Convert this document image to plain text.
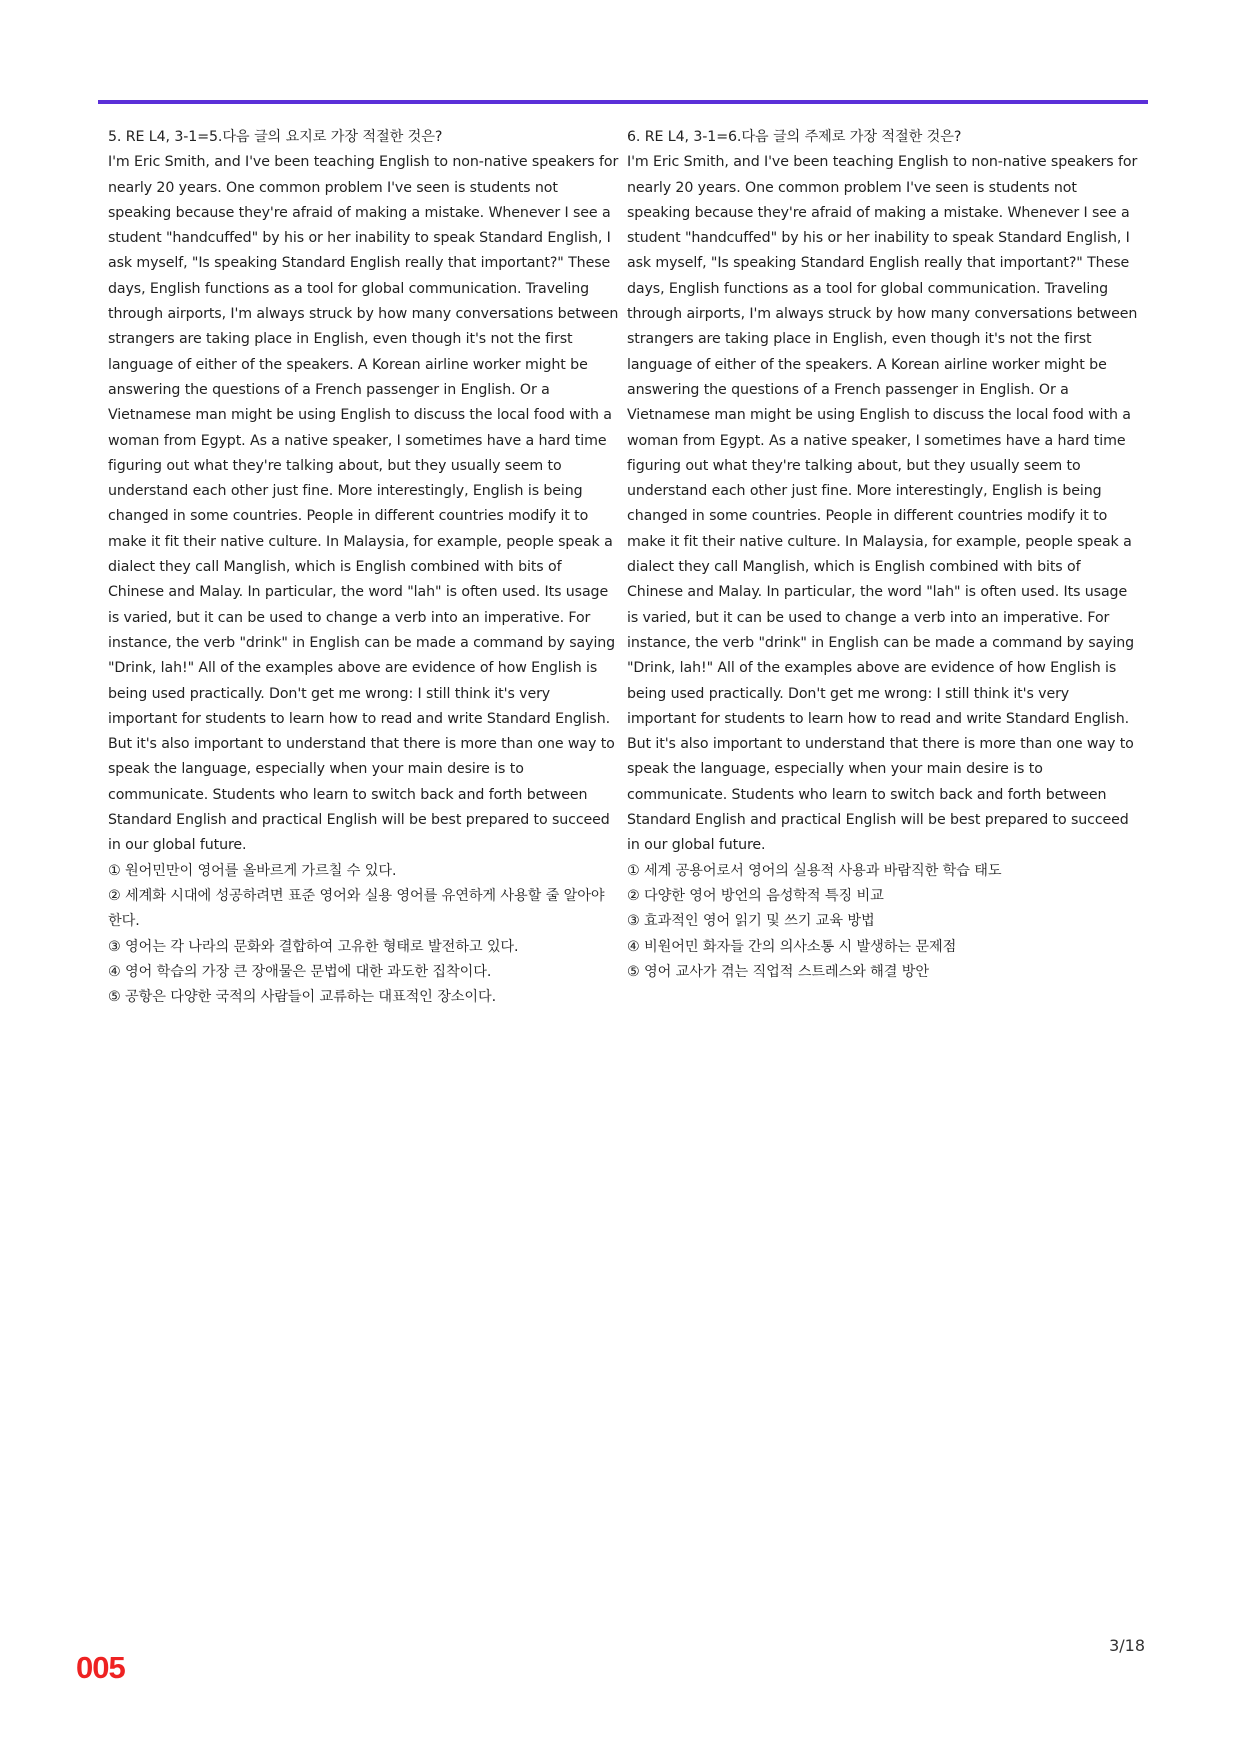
5. RE L4, 3-1=5.다음 글의 요지로 가장 적절한 것은?

I'm Eric Smith, and I've been teaching English to non-native speakers for nearly 20 years. One common problem I've seen is students not speaking because they're afraid of making a mistake. Whenever I see a student "handcuffed" by his or her inability to speak Standard English, I ask myself, "Is speaking Standard English really that important?" These days, English functions as a tool for global communication. Traveling through airports, I'm always struck by how many conversations between strangers are taking place in English, even though it's not the first language of either of the speakers. A Korean airline worker might be answering the questions of a French passenger in English. Or a Vietnamese man might be using English to discuss the local food with a woman from Egypt. As a native speaker, I sometimes have a hard time figuring out what they're talking about, but they usually seem to understand each other just fine. More interestingly, English is being changed in some countries. People in different countries modify it to make it fit their native culture. In Malaysia, for example, people speak a dialect they call Manglish, which is English combined with bits of Chinese and Malay. In particular, the word "lah" is often used. Its usage is varied, but it can be used to change a verb into an imperative. For instance, the verb "drink" in English can be made a command by saying "Drink, lah!" All of the examples above are evidence of how English is being used practically. Don't get me wrong: I still think it's very important for students to learn how to read and write Standard English. But it's also important to understand that there is more than one way to speak the language, especially when your main desire is to communicate. Students who learn to switch back and forth between Standard English and practical English will be best prepared to succeed in our global future.

① 원어민만이 영어를 올바르게 가르칠 수 있다.

② 세계화 시대에 성공하려면 표준 영어와 실용 영어를 유연하게 사용할 줄 알아야 한다.

③ 영어는 각 나라의 문화와 결합하여 고유한 형태로 발전하고 있다.

④ 영어 학습의 가장 큰 장애물은 문법에 대한 과도한 집착이다.

⑤ 공항은 다양한 국적의 사람들이 교류하는 대표적인 장소이다.

6. RE L4, 3-1=6.다음 글의 주제로 가장 적절한 것은?

I'm Eric Smith, and I've been teaching English to non-native speakers for nearly 20 years. One common problem I've seen is students not speaking because they're afraid of making a mistake. Whenever I see a student "handcuffed" by his or her inability to speak Standard English, I ask myself, "Is speaking Standard English really that important?" These days, English functions as a tool for global communication. Traveling through airports, I'm always struck by how many conversations between strangers are taking place in English, even though it's not the first language of either of the speakers. A Korean airline worker might be answering the questions of a French passenger in English. Or a Vietnamese man might be using English to discuss the local food with a woman from Egypt. As a native speaker, I sometimes have a hard time figuring out what they're talking about, but they usually seem to understand each other just fine. More interestingly, English is being changed in some countries. People in different countries modify it to make it fit their native culture. In Malaysia, for example, people speak a dialect they call Manglish, which is English combined with bits of Chinese and Malay. In particular, the word "lah" is often used. Its usage is varied, but it can be used to change a verb into an imperative. For instance, the verb "drink" in English can be made a command by saying "Drink, lah!" All of the examples above are evidence of how English is being used practically. Don't get me wrong: I still think it's very important for students to learn how to read and write Standard English. But it's also important to understand that there is more than one way to speak the language, especially when your main desire is to communicate. Students who learn to switch back and forth between Standard English and practical English will be best prepared to succeed in our global future.

① 세계 공용어로서 영어의 실용적 사용과 바람직한 학습 태도

② 다양한 영어 방언의 음성학적 특징 비교

③ 효과적인 영어 읽기 및 쓰기 교육 방법

④ 비원어민 화자들 간의 의사소통 시 발생하는 문제점

⑤ 영어 교사가 겪는 직업적 스트레스와 해결 방안

3/18
005
